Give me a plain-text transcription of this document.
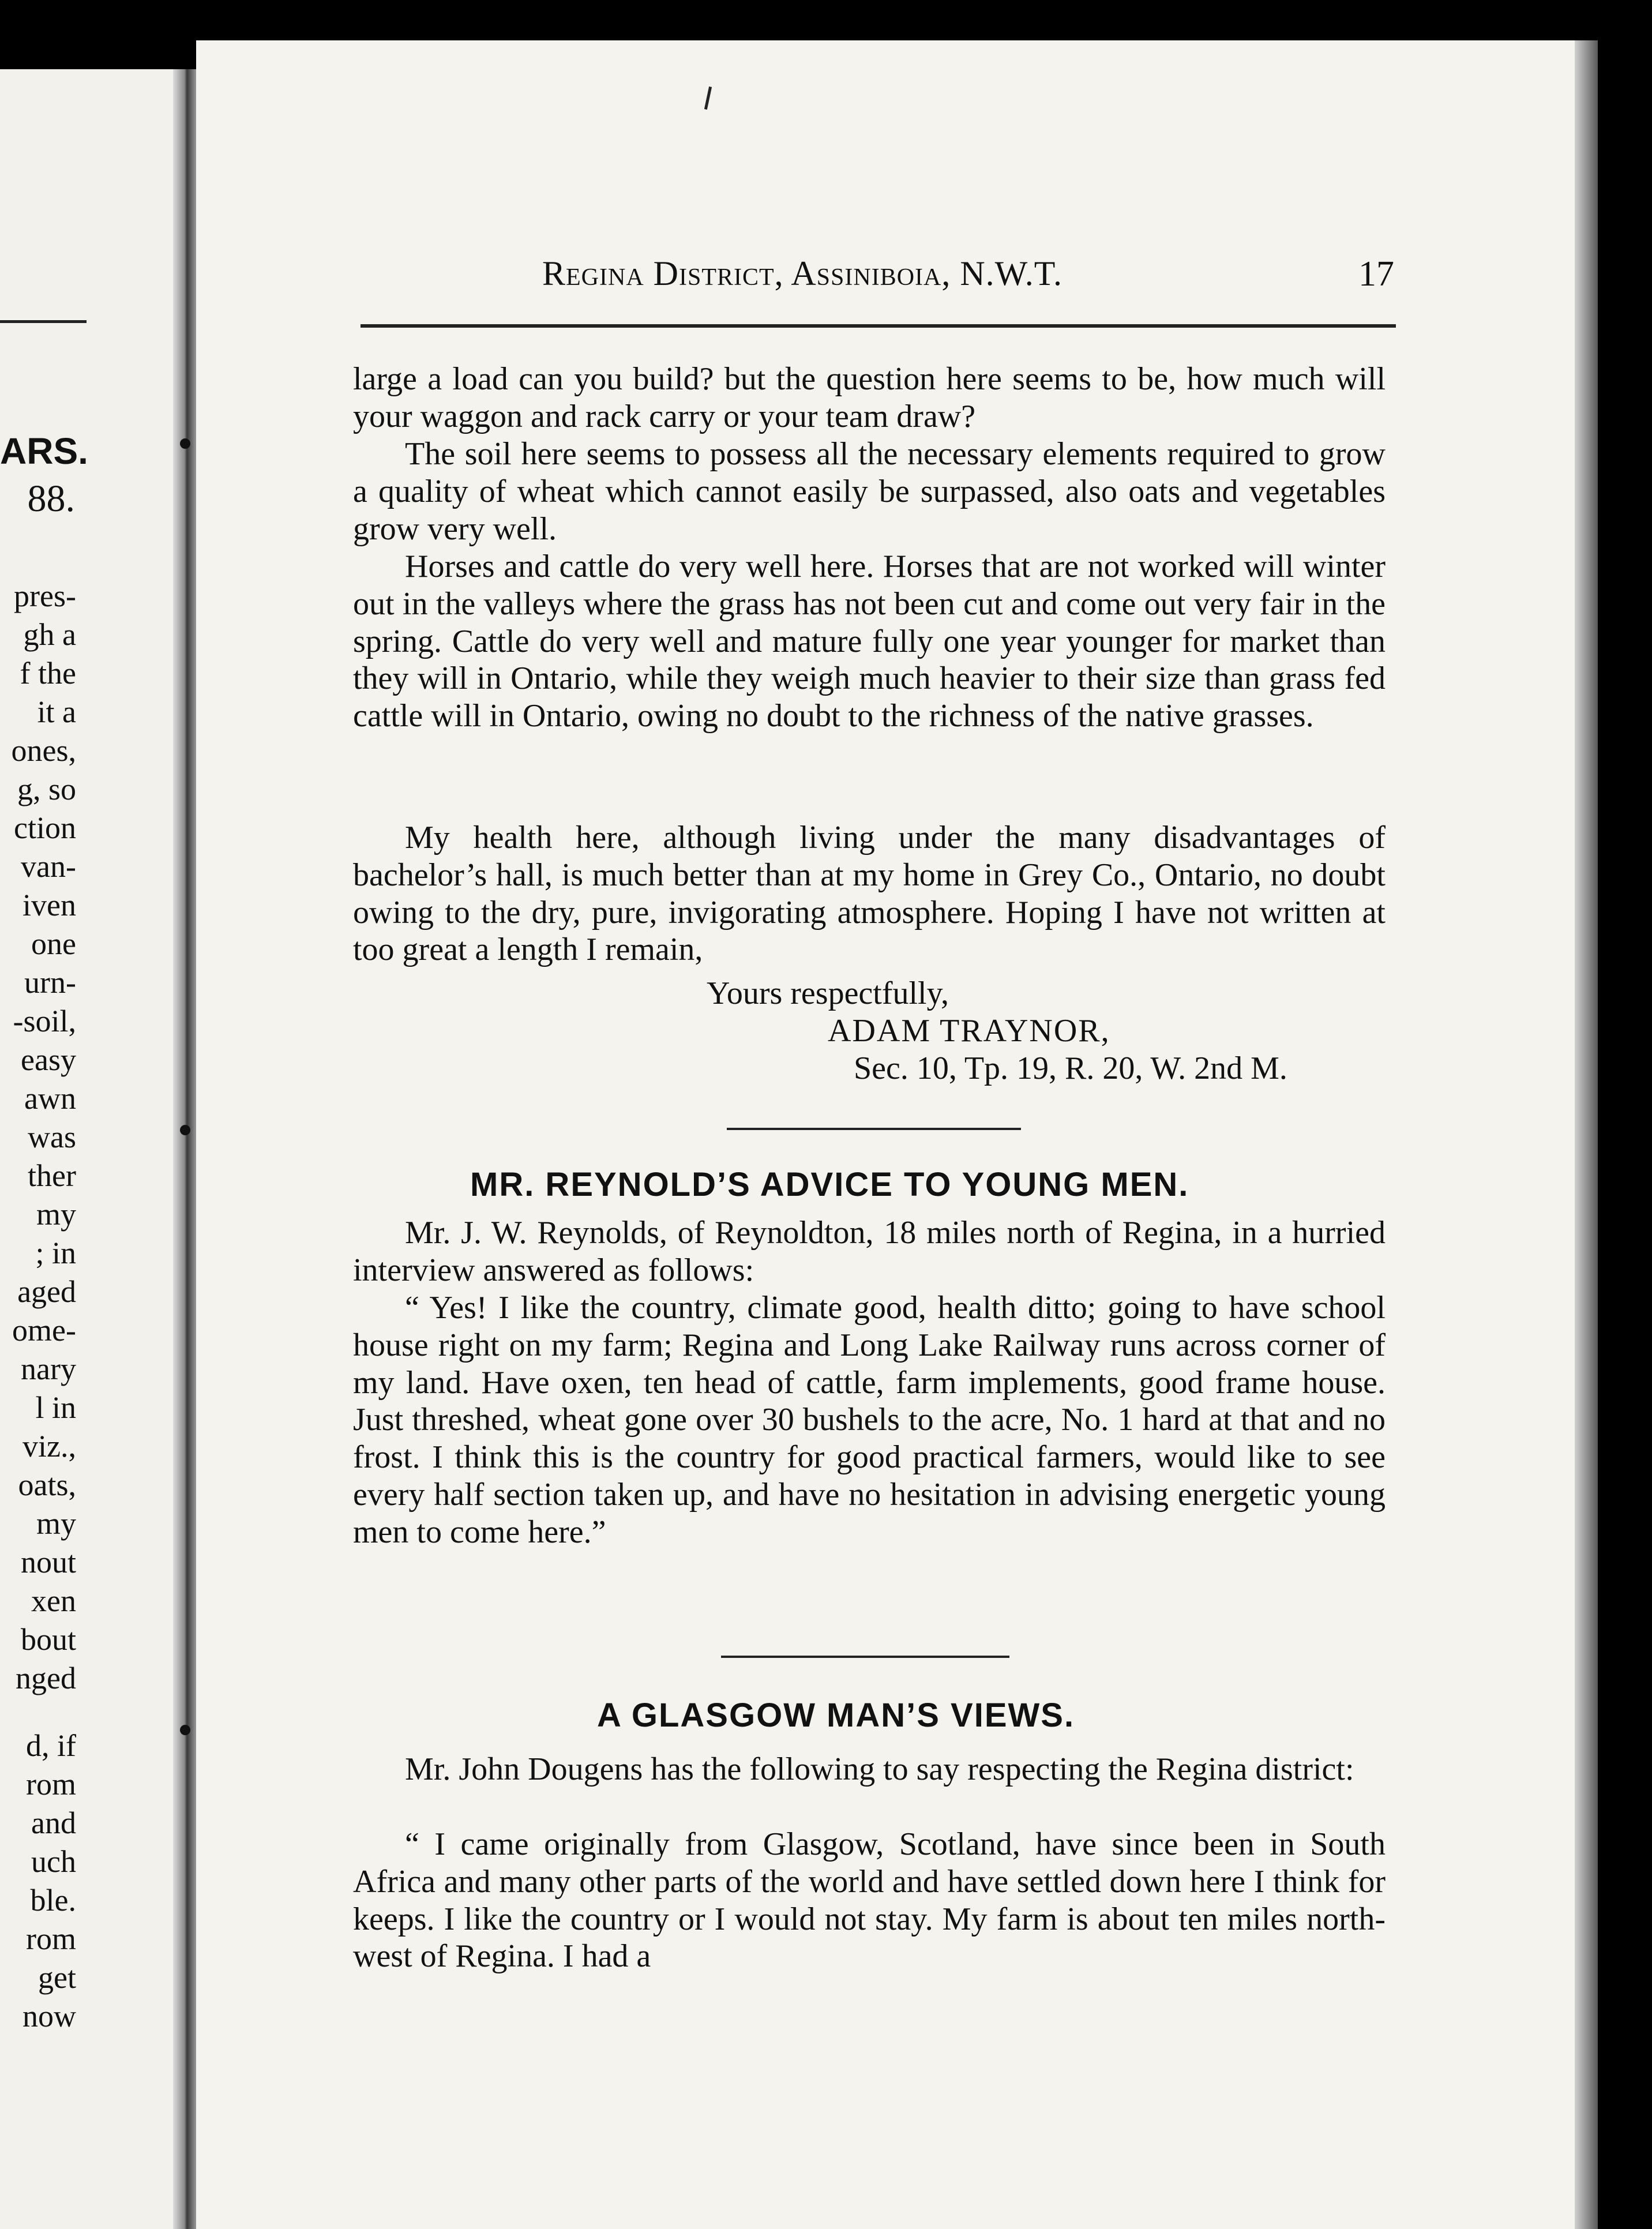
ARS.
88.
pres-
gh a
f the
it a
ones,
g, so
ction
van-
iven
one
urn-
-soil,
easy
awn
was
ther
my
; in
aged
ome-
nary
l in
viz.,
oats,
my
nout
xen
bout
nged
d, if
rom
and
uch
ble.
rom
get
now
Regina District, Assiniboia, N.W.T.	17

large a load can you build? but the question here seems to be, how much will your waggon and rack carry or your team draw?

The soil here seems to possess all the necessary elements required to grow a quality of wheat which cannot easily be surpassed, also oats and vegetables grow very well.

Horses and cattle do very well here. Horses that are not worked will winter out in the valleys where the grass has not been cut and come out very fair in the spring. Cattle do very well and mature fully one year younger for market than they will in Ontario, while they weigh much heavier to their size than grass fed cattle will in Ontario, owing no doubt to the richness of the native grasses.

My health here, although living under the many disadvantages of bachelor’s hall, is much better than at my home in Grey Co., Ontario, no doubt owing to the dry, pure, invigorating atmosphere. Hoping I have not written at too great a length I remain,

Yours respectfully,
ADAM TRAYNOR,
Sec. 10, Tp. 19, R. 20, W. 2nd M.
MR. REYNOLD’S ADVICE TO YOUNG MEN.

Mr. J. W. Reynolds, of Reynoldton, 18 miles north of Regina, in a hurried interview answered as follows:

“ Yes! I like the country, climate good, health ditto; going to have school house right on my farm; Regina and Long Lake Railway runs across corner of my land. Have oxen, ten head of cattle, farm implements, good frame house. Just threshed, wheat gone over 30 bushels to the acre, No. 1 hard at that and no frost. I think this is the country for good practical farmers, would like to see every half section taken up, and have no hesitation in advising energetic young men to come here.”

A GLASGOW MAN’S VIEWS.

Mr. John Dougens has the following to say respecting the Regina district:

“ I came originally from Glasgow, Scotland, have since been in South Africa and many other parts of the world and have settled down here I think for keeps. I like the country or I would not stay. My farm is about ten miles north-west of Regina. I had a
